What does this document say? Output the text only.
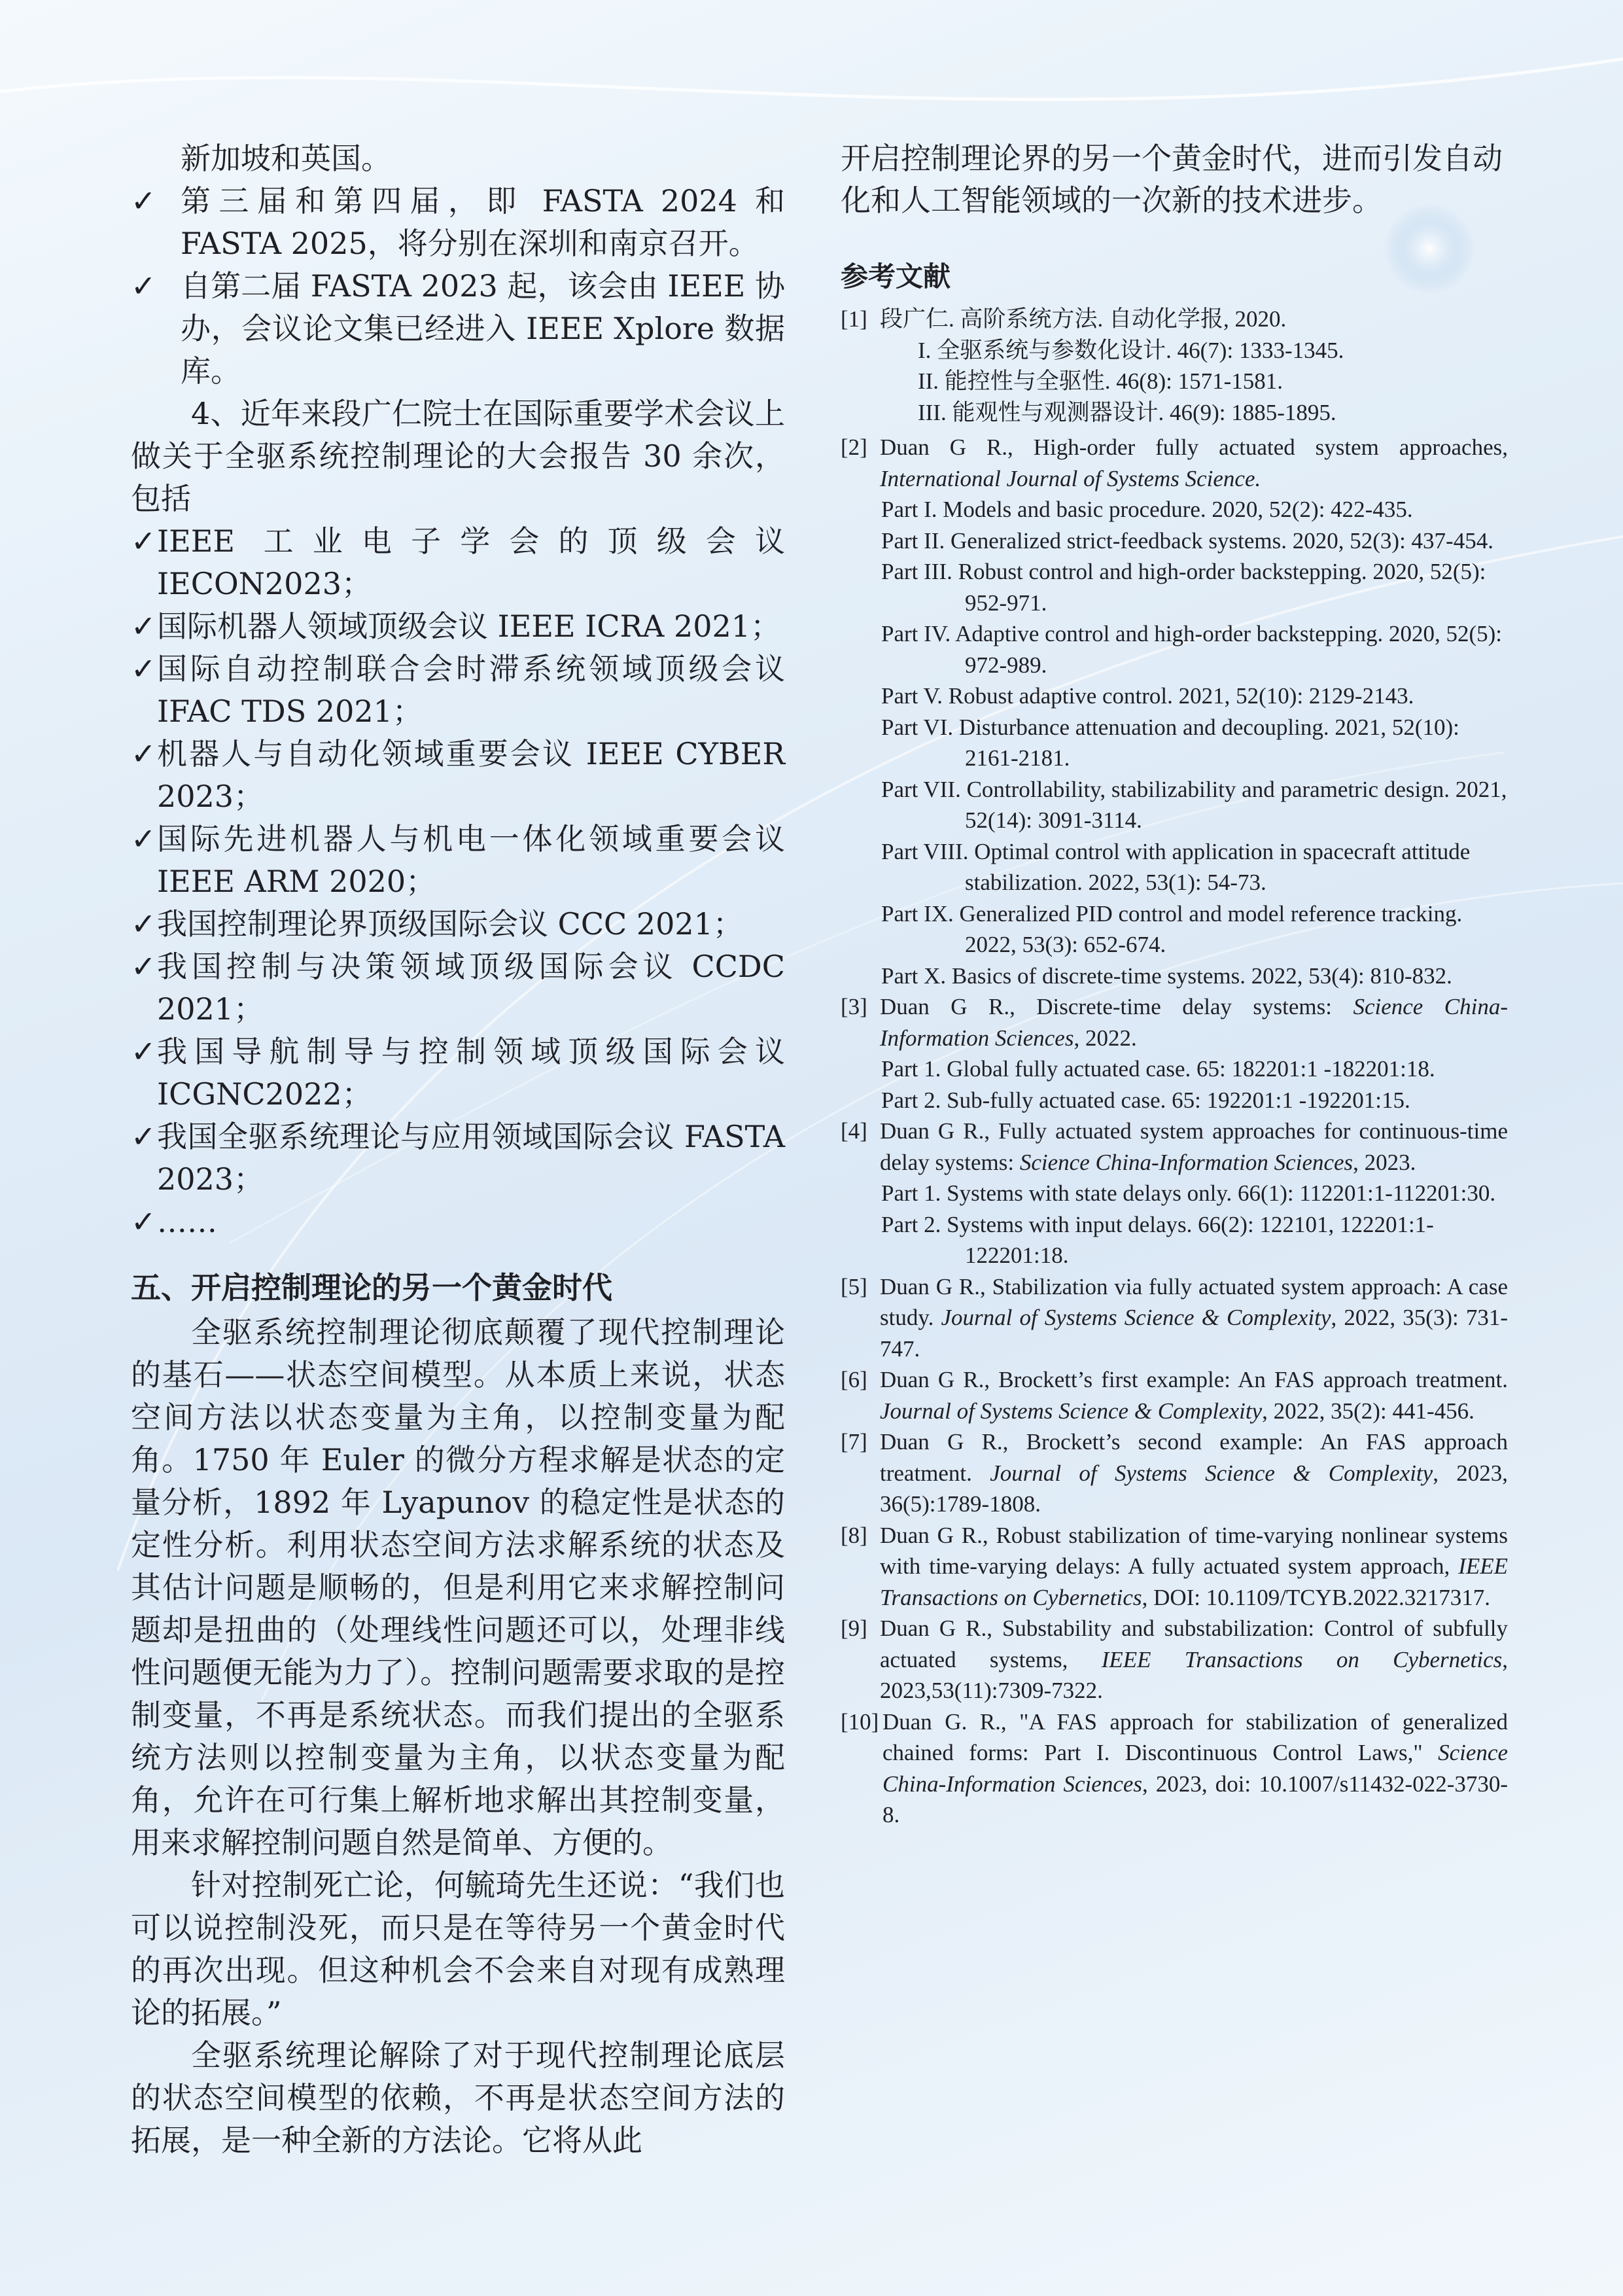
新加坡和英国。

✓ 第三届和第四届，即 FASTA 2024 和 FASTA 2025，将分别在深圳和南京召开。
✓ 自第二届 FASTA 2023 起，该会由 IEEE 协办，会议论文集已经进入 IEEE Xplore 数据库。

4、近年来段广仁院士在国际重要学术会议上做关于全驱系统控制理论的大会报告 30 余次，包括

✓ IEEE 工业电子学会的顶级会议 IECON2023；
✓ 国际机器人领域顶级会议 IEEE ICRA 2021；
✓ 国际自动控制联合会时滞系统领域顶级会议 IFAC TDS 2021；
✓ 机器人与自动化领域重要会议 IEEE CYBER 2023；
✓ 国际先进机器人与机电一体化领域重要会议 IEEE ARM 2020；
✓ 我国控制理论界顶级国际会议 CCC 2021；
✓ 我国控制与决策领域顶级国际会议 CCDC 2021；
✓ 我国导航制导与控制领域顶级国际会议 ICGNC2022；
✓ 我国全驱系统理论与应用领域国际会议 FASTA 2023；
✓ ……
五、开启控制理论的另一个黄金时代

全驱系统控制理论彻底颠覆了现代控制理论的基石——状态空间模型。从本质上来说，状态空间方法以状态变量为主角，以控制变量为配角。1750 年 Euler 的微分方程求解是状态的定量分析，1892 年 Lyapunov 的稳定性是状态的定性分析。利用状态空间方法求解系统的状态及其估计问题是顺畅的，但是利用它来求解控制问题却是扭曲的（处理线性问题还可以，处理非线性问题便无能为力了）。控制问题需要求取的是控制变量，不再是系统状态。而我们提出的全驱系统方法则以控制变量为主角，以状态变量为配角，允许在可行集上解析地求解出其控制变量，用来求解控制问题自然是简单、方便的。

针对控制死亡论，何毓琦先生还说：“我们也可以说控制没死，而只是在等待另一个黄金时代的再次出现。但这种机会不会来自对现有成熟理论的拓展。”

全驱系统理论解除了对于现代控制理论底层的状态空间模型的依赖，不再是状态空间方法的拓展，是一种全新的方法论。它将从此

开启控制理论界的另一个黄金时代，进而引发自动化和人工智能领域的一次新的技术进步。

参考文献
[1] 段广仁. 高阶系统方法. 自动化学报, 2020.
I. 全驱系统与参数化设计. 46(7): 1333-1345.
II. 能控性与全驱性. 46(8): 1571-1581.
III. 能观性与观测器设计. 46(9): 1885-1895.
[2] Duan G R., High-order fully actuated system approaches, International Journal of Systems Science.
Part I. Models and basic procedure. 2020, 52(2): 422-435.
Part II. Generalized strict-feedback systems. 2020, 52(3): 437-454.
Part III. Robust control and high-order backstepping. 2020, 52(5): 952-971.
Part IV. Adaptive control and high-order backstepping. 2020, 52(5): 972-989.
Part V. Robust adaptive control. 2021, 52(10): 2129-2143.
Part VI. Disturbance attenuation and decoupling. 2021, 52(10): 2161-2181.
Part VII. Controllability, stabilizability and parametric design. 2021, 52(14): 3091-3114.
Part VIII. Optimal control with application in spacecraft attitude stabilization. 2022, 53(1): 54-73.
Part IX. Generalized PID control and model reference tracking. 2022, 53(3): 652-674.
Part X. Basics of discrete-time systems. 2022, 53(4): 810-832.
[3] Duan G R., Discrete-time delay systems: Science China-Information Sciences, 2022.
Part 1. Global fully actuated case. 65: 182201:1 -182201:18.
Part 2. Sub-fully actuated case. 65: 192201:1 -192201:15.
[4] Duan G R., Fully actuated system approaches for continuous-time delay systems: Science China-Information Sciences, 2023.
Part 1. Systems with state delays only. 66(1): 112201:1-112201:30.
Part 2. Systems with input delays. 66(2): 122101, 122201:1-122201:18.
[5] Duan G R., Stabilization via fully actuated system approach: A case study. Journal of Systems Science & Complexity, 2022, 35(3): 731-747.
[6] Duan G R., Brockett’s first example: An FAS approach treatment. Journal of Systems Science & Complexity, 2022, 35(2): 441-456.
[7] Duan G R., Brockett’s second example: An FAS approach treatment. Journal of Systems Science & Complexity, 2023, 36(5):1789-1808.
[8] Duan G R., Robust stabilization of time-varying nonlinear systems with time-varying delays: A fully actuated system approach, IEEE Transactions on Cybernetics, DOI: 10.1109/TCYB.2022.3217317.
[9] Duan G R., Substability and substabilization: Control of subfully actuated systems, IEEE Transactions on Cybernetics, 2023,53(11):7309-7322.
[10] Duan G. R., "A FAS approach for stabilization of generalized chained forms: Part I. Discontinuous Control Laws," Science China-Information Sciences, 2023, doi: 10.1007/s11432-022-3730-8.
